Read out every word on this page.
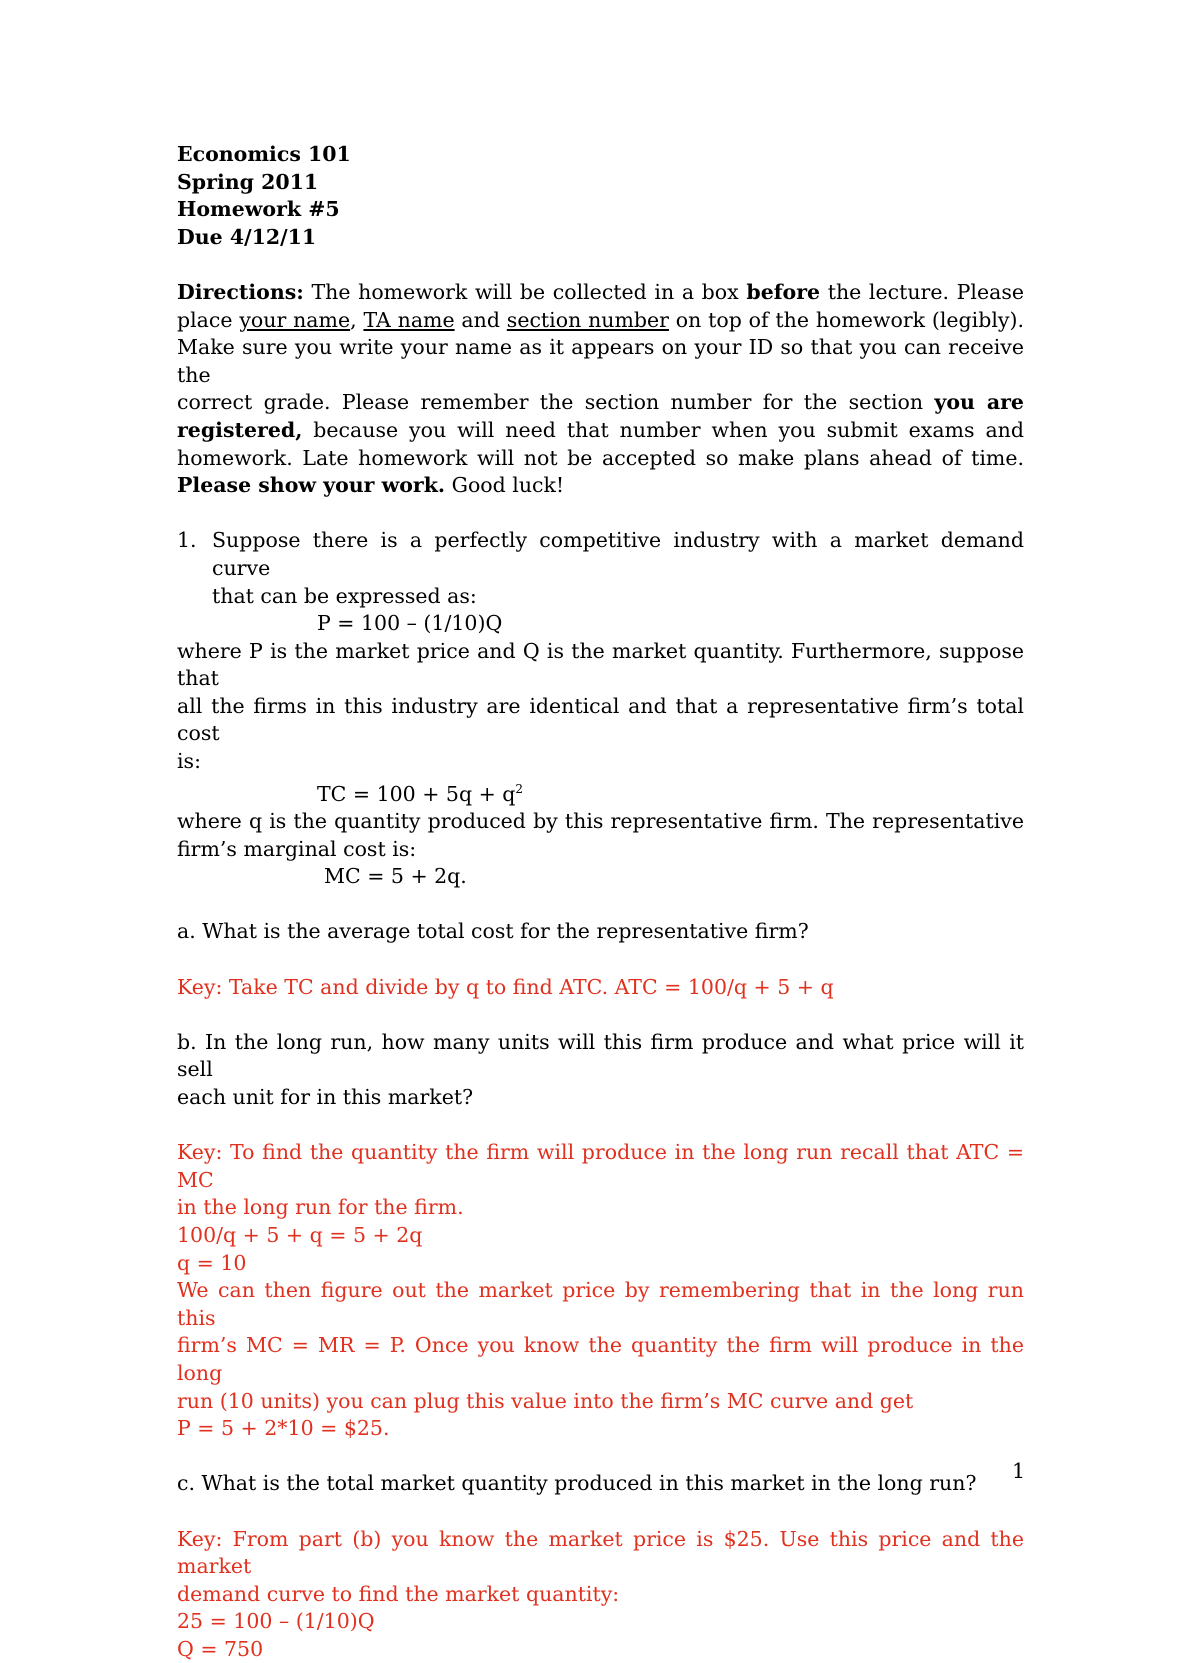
Economics 101
Spring 2011
Homework #5
Due 4/12/11
Directions: The homework will be collected in a box before the lecture. Please
place your name, TA name and section number on top of the homework (legibly).
Make sure you write your name as it appears on your ID so that you can receive the
correct grade. Please remember the section number for the section you are
registered, because you will need that number when you submit exams and
homework. Late homework will not be accepted so make plans ahead of time.
Please show your work. Good luck!
1. Suppose there is a perfectly competitive industry with a market demand curve
that can be expressed as:
P = 100 – (1/10)Q
where P is the market price and Q is the market quantity. Furthermore, suppose that
all the firms in this industry are identical and that a representative firm’s total cost
is:
TC = $100 + 5q + q^2$
where q is the quantity produced by this representative firm. The representative
firm’s marginal cost is:
MC = 5 + 2q.
a. What is the average total cost for the representative firm?
Key: Take TC and divide by q to find ATC. ATC = 100/q + 5 + q
b. In the long run, how many units will this firm produce and what price will it sell
each unit for in this market?
Key: To find the quantity the firm will produce in the long run recall that ATC = MC
in the long run for the firm.
100/q + 5 + q = 5 + 2q
q = 10
We can then figure out the market price by remembering that in the long run this
firm’s MC = MR = P. Once you know the quantity the firm will produce in the long
run (10 units) you can plug this value into the firm’s MC curve and get
P = 5 + 2*10 = $25.
c. What is the total market quantity produced in this market in the long run?
Key: From part (b) you know the market price is $25. Use this price and the market
demand curve to find the market quantity:
25 = 100 – (1/10)Q
Q = 750
1
